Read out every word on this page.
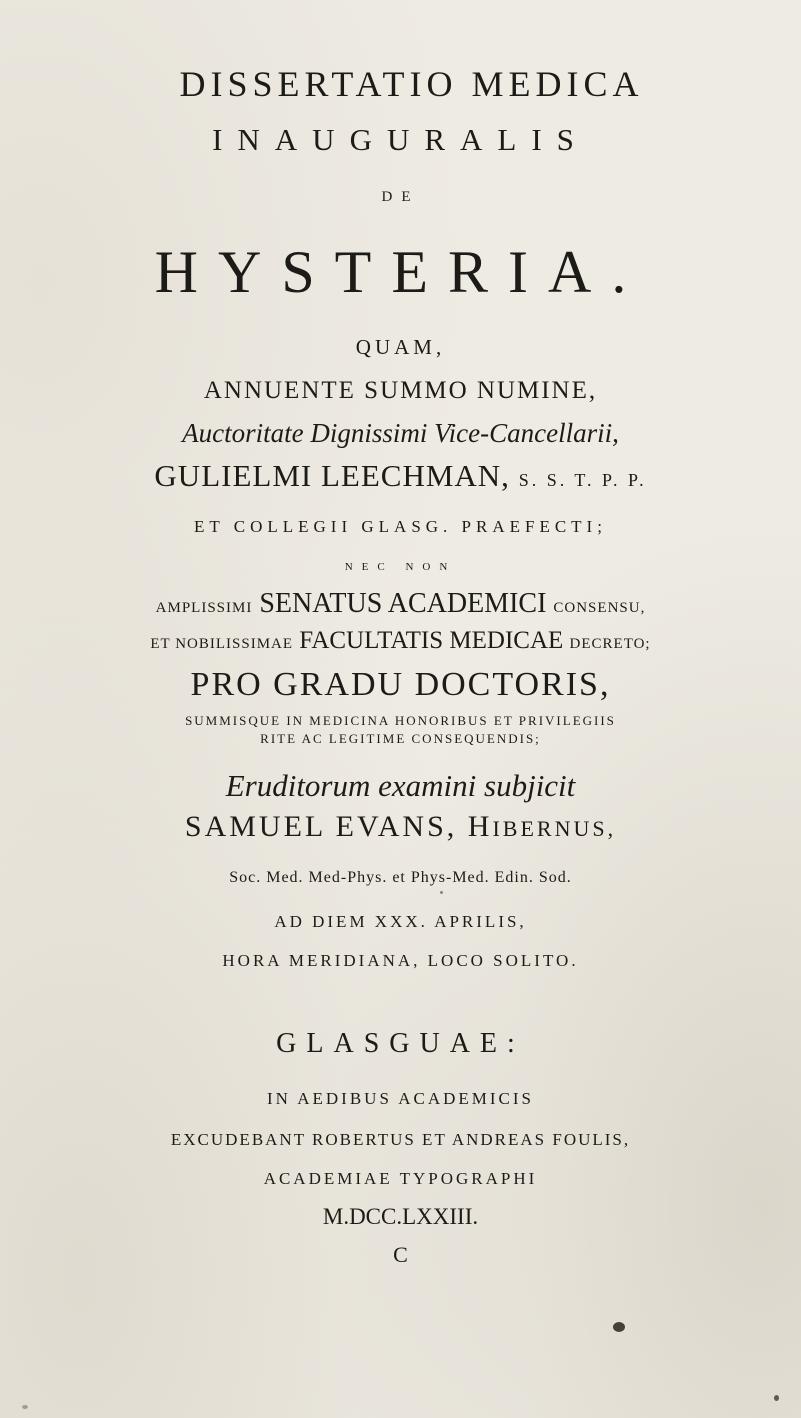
DISSERTATIO MEDICA
INAUGURALIS
DE
HYSTERIA.
QUAM,
ANNUENTE SUMMO NUMINE,
Auctoritate Dignissimi Vice-Cancellarii,
GULIELMI LEECHMAN, S. S. T. P. P.
ET COLLEGII GLASG. PRAEFECTI;
NEC NON
AMPLISSIMI SENATUS ACADEMICI CONSENSU,
ET NOBILISSIMAE FACULTATIS MEDICAE DECRETO;
PRO GRADU DOCTORIS,
SUMMISQUE IN MEDICINA HONORIBUS ET PRIVILEGIIS
RITE AC LEGITIME CONSEQUENDIS;
Eruditorum examini subjicit
SAMUEL EVANS, HIBERNUS,
Soc. Med. Med-Phys. et Phys-Med. Edin. Sod.
AD DIEM XXX. APRILIS,
HORA MERIDIANA, LOCO SOLITO.
GLASGUAE:
IN AEDIBUS ACADEMICIS
EXCUDEBANT ROBERTUS ET ANDREAS FOULIS,
ACADEMIAE TYPOGRAPHI
M.DCC.LXXIII.
C
